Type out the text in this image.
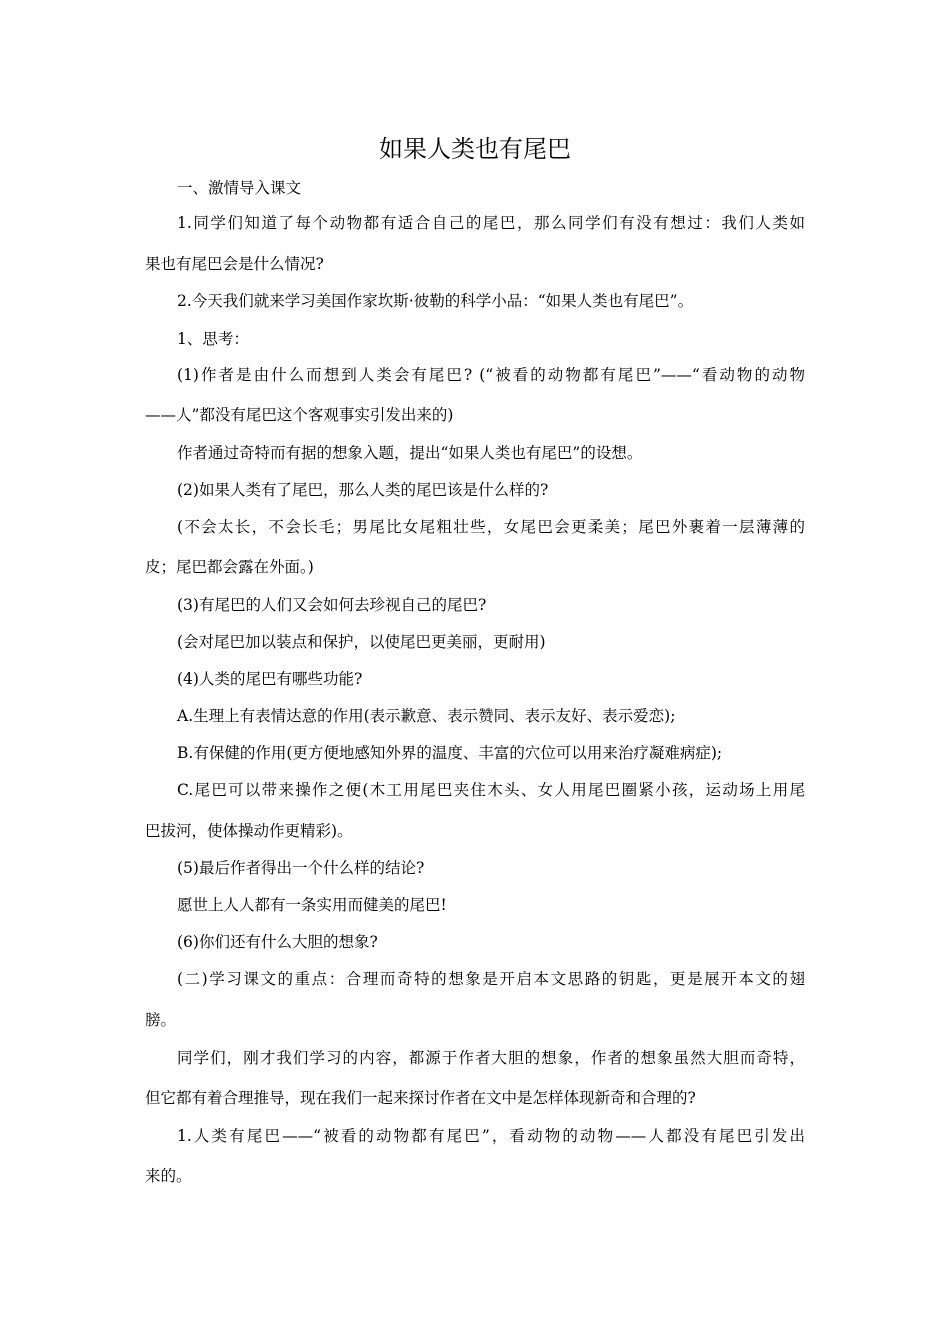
如果人类也有尾巴
一、激情导入课文
1.同学们知道了每个动物都有适合自己的尾巴，那么同学们有没有想过：我们人类如
果也有尾巴会是什么情况?
2.今天我们就来学习美国作家坎斯·彼勒的科学小品：“如果人类也有尾巴”。
1、思考：
(1)作者是由什么而想到人类会有尾巴? (“被看的动物都有尾巴”——“看动物的动物
——人”都没有尾巴这个客观事实引发出来的)
作者通过奇特而有据的想象入题，提出“如果人类也有尾巴”的设想。
(2)如果人类有了尾巴，那么人类的尾巴该是什么样的?
(不会太长，不会长毛；男尾比女尾粗壮些，女尾巴会更柔美；尾巴外裹着一层薄薄的
皮；尾巴都会露在外面。)
(3)有尾巴的人们又会如何去珍视自己的尾巴?
(会对尾巴加以装点和保护，以使尾巴更美丽，更耐用)
(4)人类的尾巴有哪些功能?
A.生理上有表情达意的作用(表示歉意、表示赞同、表示友好、表示爱恋);
B.有保健的作用(更方便地感知外界的温度、丰富的穴位可以用来治疗凝难病症);
C.尾巴可以带来操作之便(木工用尾巴夹住木头、女人用尾巴圈紧小孩，运动场上用尾
巴拔河，使体操动作更精彩)。
(5)最后作者得出一个什么样的结论?
愿世上人人都有一条实用而健美的尾巴!
(6)你们还有什么大胆的想象?
(二)学习课文的重点：合理而奇特的想象是开启本文思路的钥匙，更是展开本文的翅
膀。
同学们，刚才我们学习的内容，都源于作者大胆的想象，作者的想象虽然大胆而奇特，
但它都有着合理推导，现在我们一起来探讨作者在文中是怎样体现新奇和合理的?
1.人类有尾巴——“被看的动物都有尾巴”，看动物的动物——人都没有尾巴引发出
来的。
